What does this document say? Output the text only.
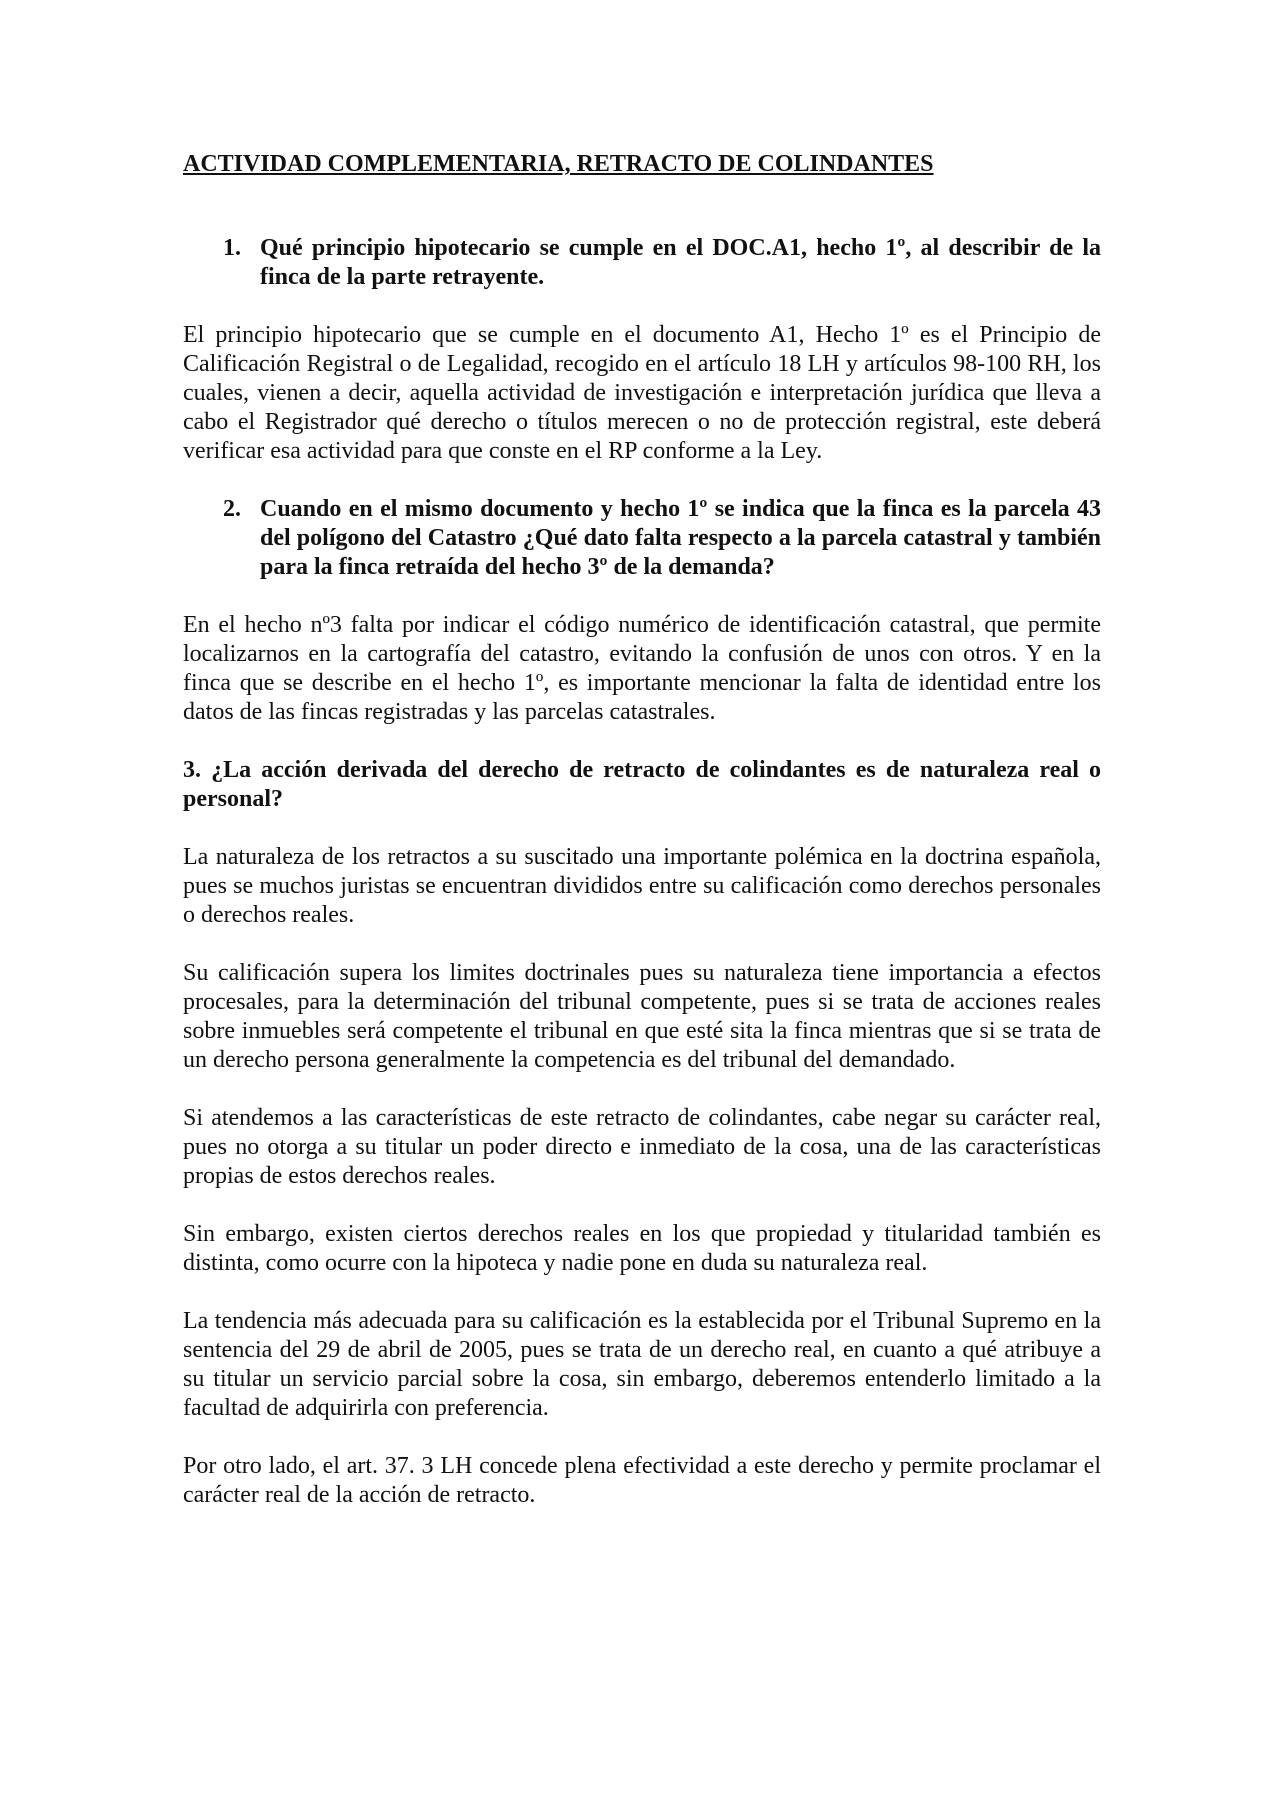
ACTIVIDAD COMPLEMENTARIA, RETRACTO DE COLINDANTES
1. Qué principio hipotecario se cumple en el DOC.A1, hecho 1º, al describir de la finca de la parte retrayente.
El principio hipotecario que se cumple en el documento A1, Hecho 1º es el Principio de Calificación Registral o de Legalidad, recogido en el artículo 18 LH y artículos 98-100 RH, los cuales, vienen a decir, aquella actividad de investigación e interpretación jurídica que lleva a cabo el Registrador qué derecho o títulos merecen o no de protección registral, este deberá verificar esa actividad para que conste en el RP conforme a la Ley.
2. Cuando en el mismo documento y hecho 1º se indica que la finca es la parcela 43 del polígono del Catastro ¿Qué dato falta respecto a la parcela catastral y también para la finca retraída del hecho 3º de la demanda?
En el hecho nº3 falta por indicar el código numérico de identificación catastral, que permite localizarnos en la cartografía del catastro, evitando la confusión de unos con otros. Y en la finca que se describe en el hecho 1º, es importante mencionar la falta de identidad entre los datos de las fincas registradas y las parcelas catastrales.
3. ¿La acción derivada del derecho de retracto de colindantes es de naturaleza real o personal?
La naturaleza de los retractos a su suscitado una importante polémica en la doctrina española, pues se muchos juristas se encuentran divididos entre su calificación como derechos personales o derechos reales.
Su calificación supera los limites doctrinales pues su naturaleza tiene importancia a efectos procesales, para la determinación del tribunal competente, pues si se trata de acciones reales sobre inmuebles será competente el tribunal en que esté sita la finca mientras que si se trata de un derecho persona generalmente la competencia es del tribunal del demandado.
Si atendemos a las características de este retracto de colindantes, cabe negar su carácter real, pues no otorga a su titular un poder directo e inmediato de la cosa, una de las características propias de estos derechos reales.
Sin embargo, existen ciertos derechos reales en los que propiedad y titularidad también es distinta, como ocurre con la hipoteca y nadie pone en duda su naturaleza real.
La tendencia más adecuada para su calificación es la establecida por el Tribunal Supremo en la sentencia del 29 de abril de 2005, pues se trata de un derecho real, en cuanto a qué atribuye a su titular un servicio parcial sobre la cosa, sin embargo, deberemos entenderlo limitado a la facultad de adquirirla con preferencia.
Por otro lado, el art. 37. 3 LH concede plena efectividad a este derecho y permite proclamar el carácter real de la acción de retracto.
